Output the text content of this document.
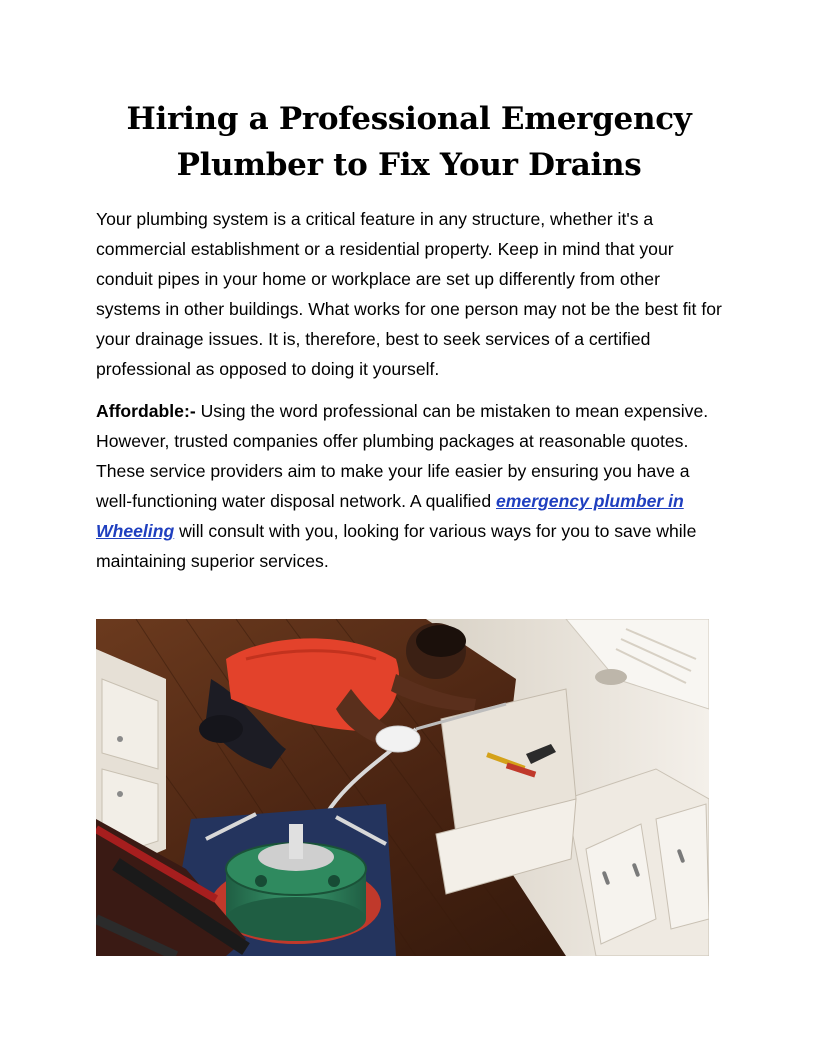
Hiring a Professional Emergency
Plumber to Fix Your Drains

Your plumbing system is a critical feature in any structure, whether it's a commercial establishment or a residential property. Keep in mind that your conduit pipes in your home or workplace are set up differently from other systems in other buildings. What works for one person may not be the best fit for your drainage issues. It is, therefore, best to seek services of a certified professional as opposed to doing it yourself.

Affordable:- Using the word professional can be mistaken to mean expensive. However, trusted companies offer plumbing packages at reasonable quotes. These service providers aim to make your life easier by ensuring you have a well-functioning water disposal network. A qualified emergency plumber in Wheeling will consult with you, looking for various ways for you to save while maintaining superior services.
